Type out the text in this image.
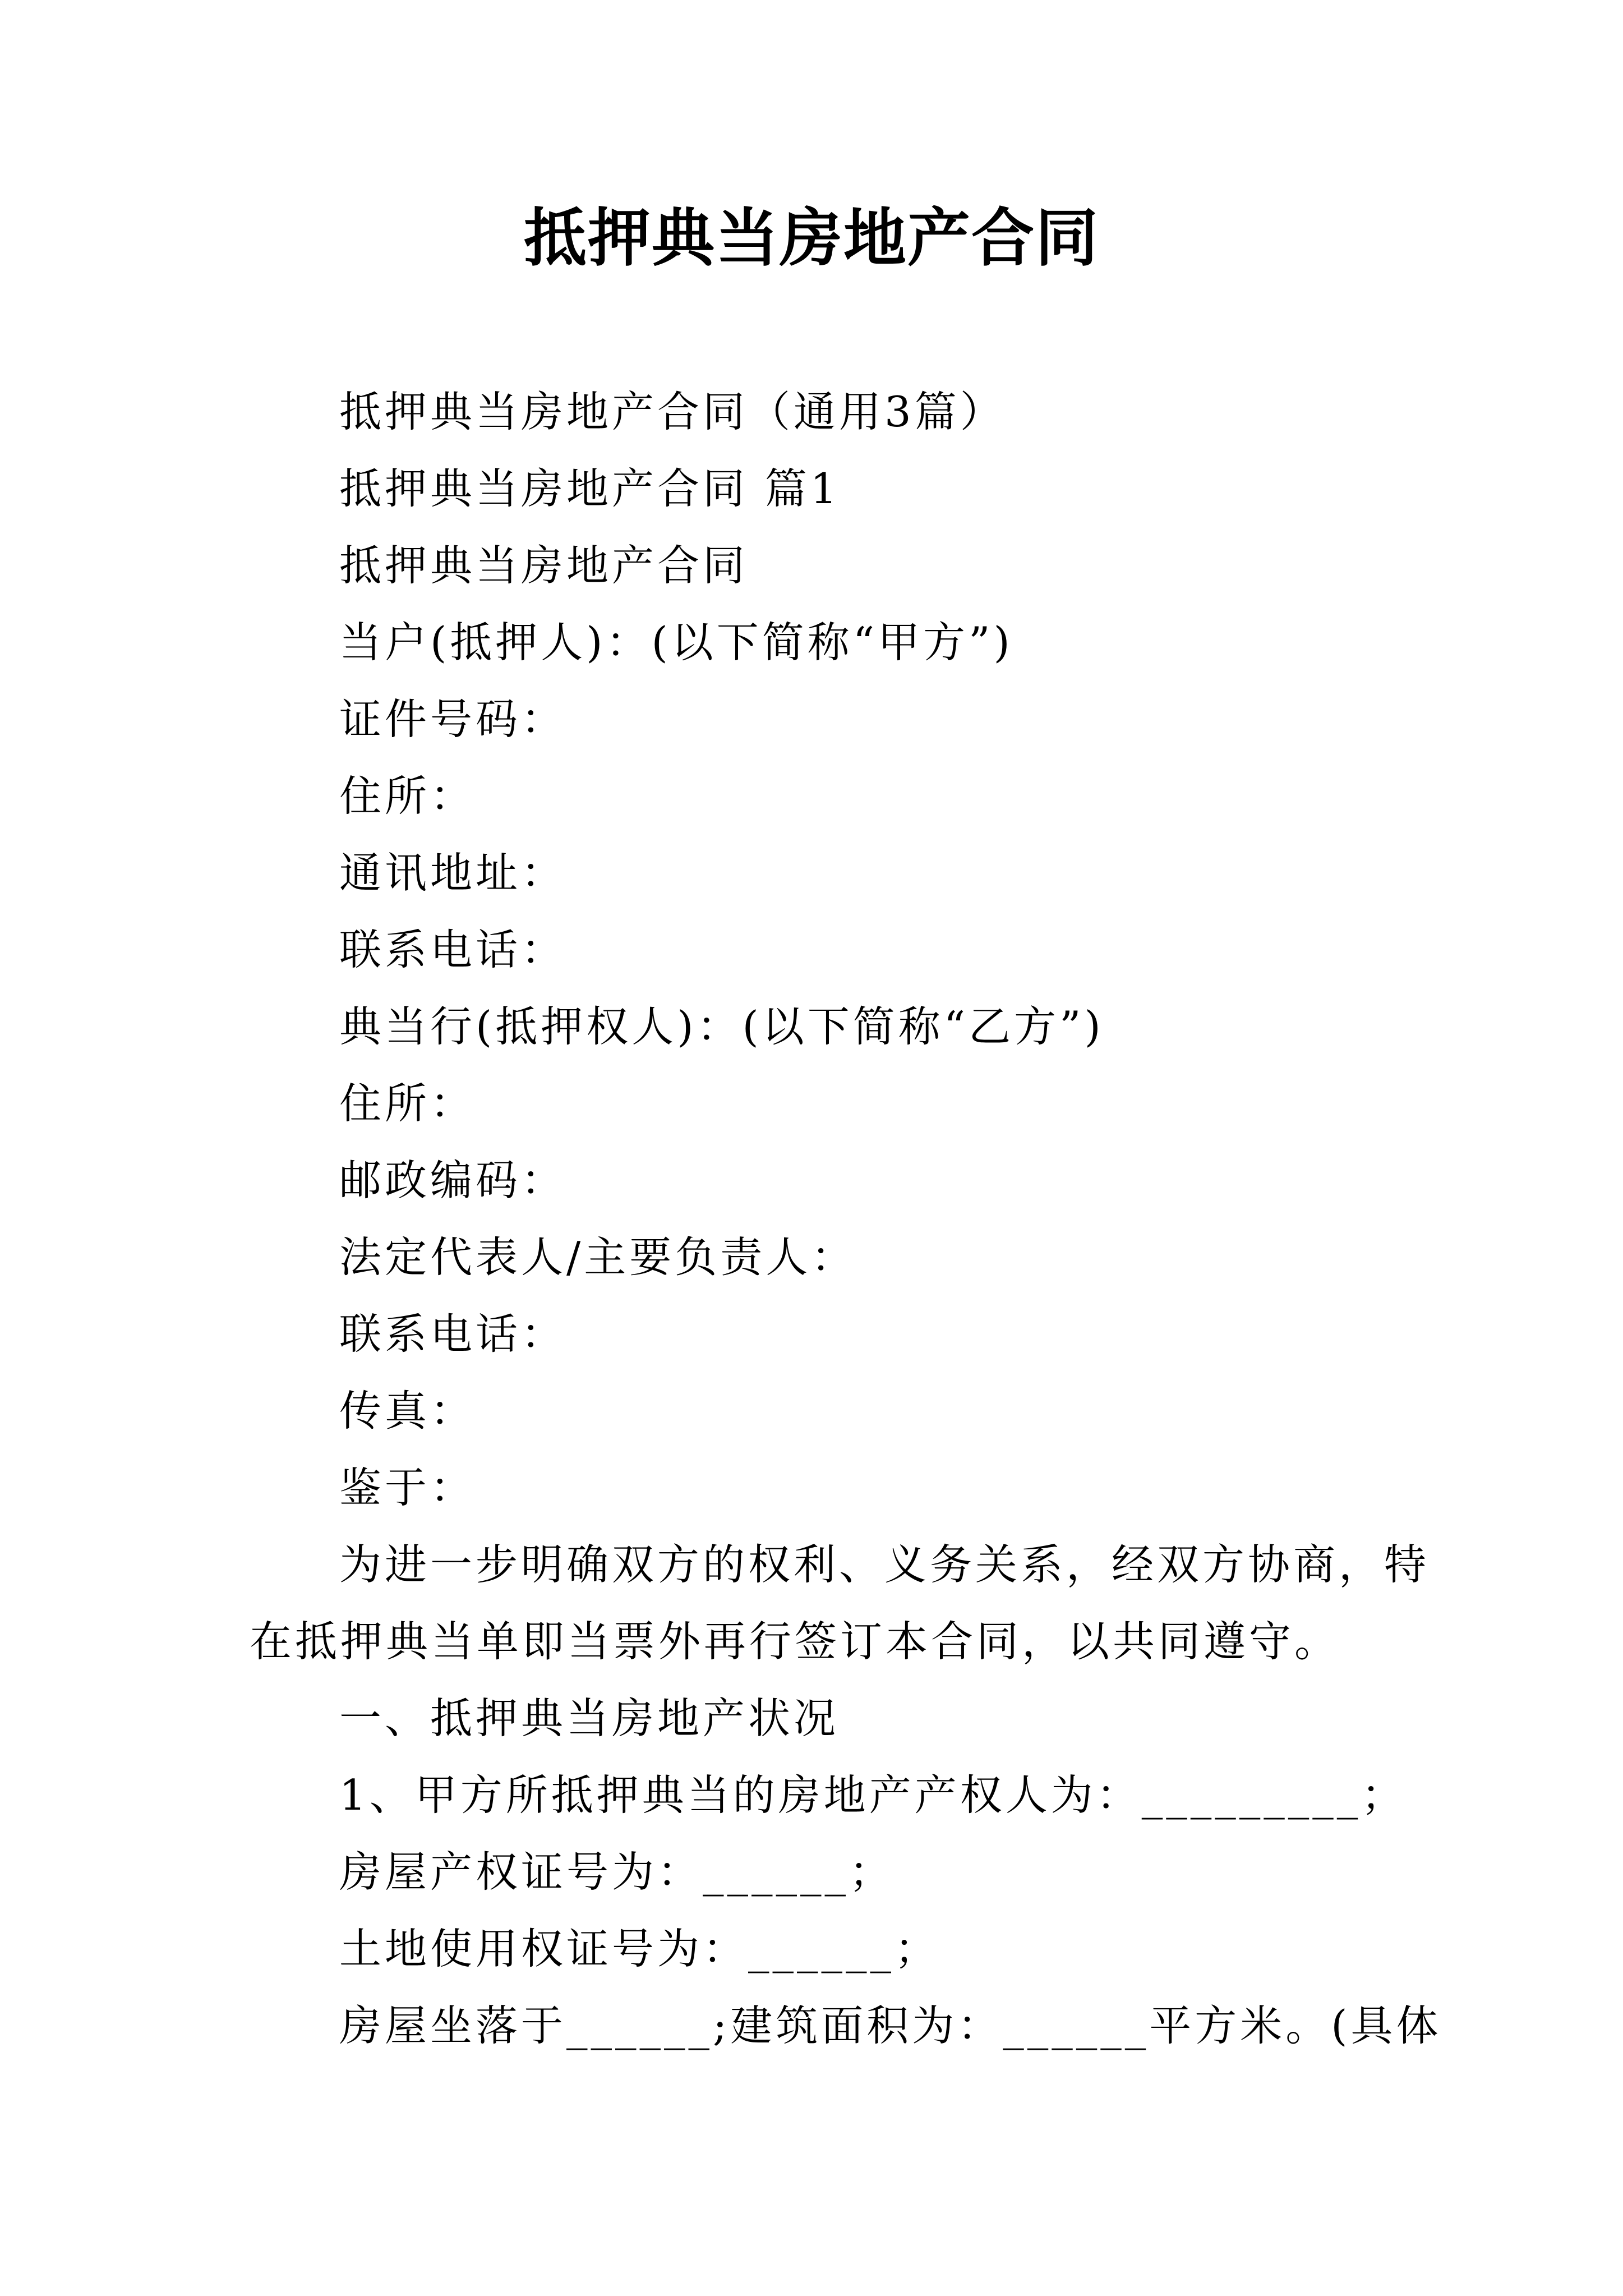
抵押典当房地产合同
抵押典当房地产合同（通用3篇）
抵押典当房地产合同 篇1
抵押典当房地产合同
当户(抵押人)：(以下简称“甲方”)
证件号码：
住所：
通讯地址：
联系电话：
典当行(抵押权人)：(以下简称“乙方”)
住所：
邮政编码：
法定代表人/主要负责人：
联系电话：
传真：
鉴于：
为进一步明确双方的权利、义务关系，经双方协商，特
在抵押典当单即当票外再行签订本合同，以共同遵守。
一、抵押典当房地产状况
1、甲方所抵押典当的房地产产权人为：_________；
房屋产权证号为：______；
土地使用权证号为：______；
房屋坐落于______;建筑面积为：______平方米。(具体
